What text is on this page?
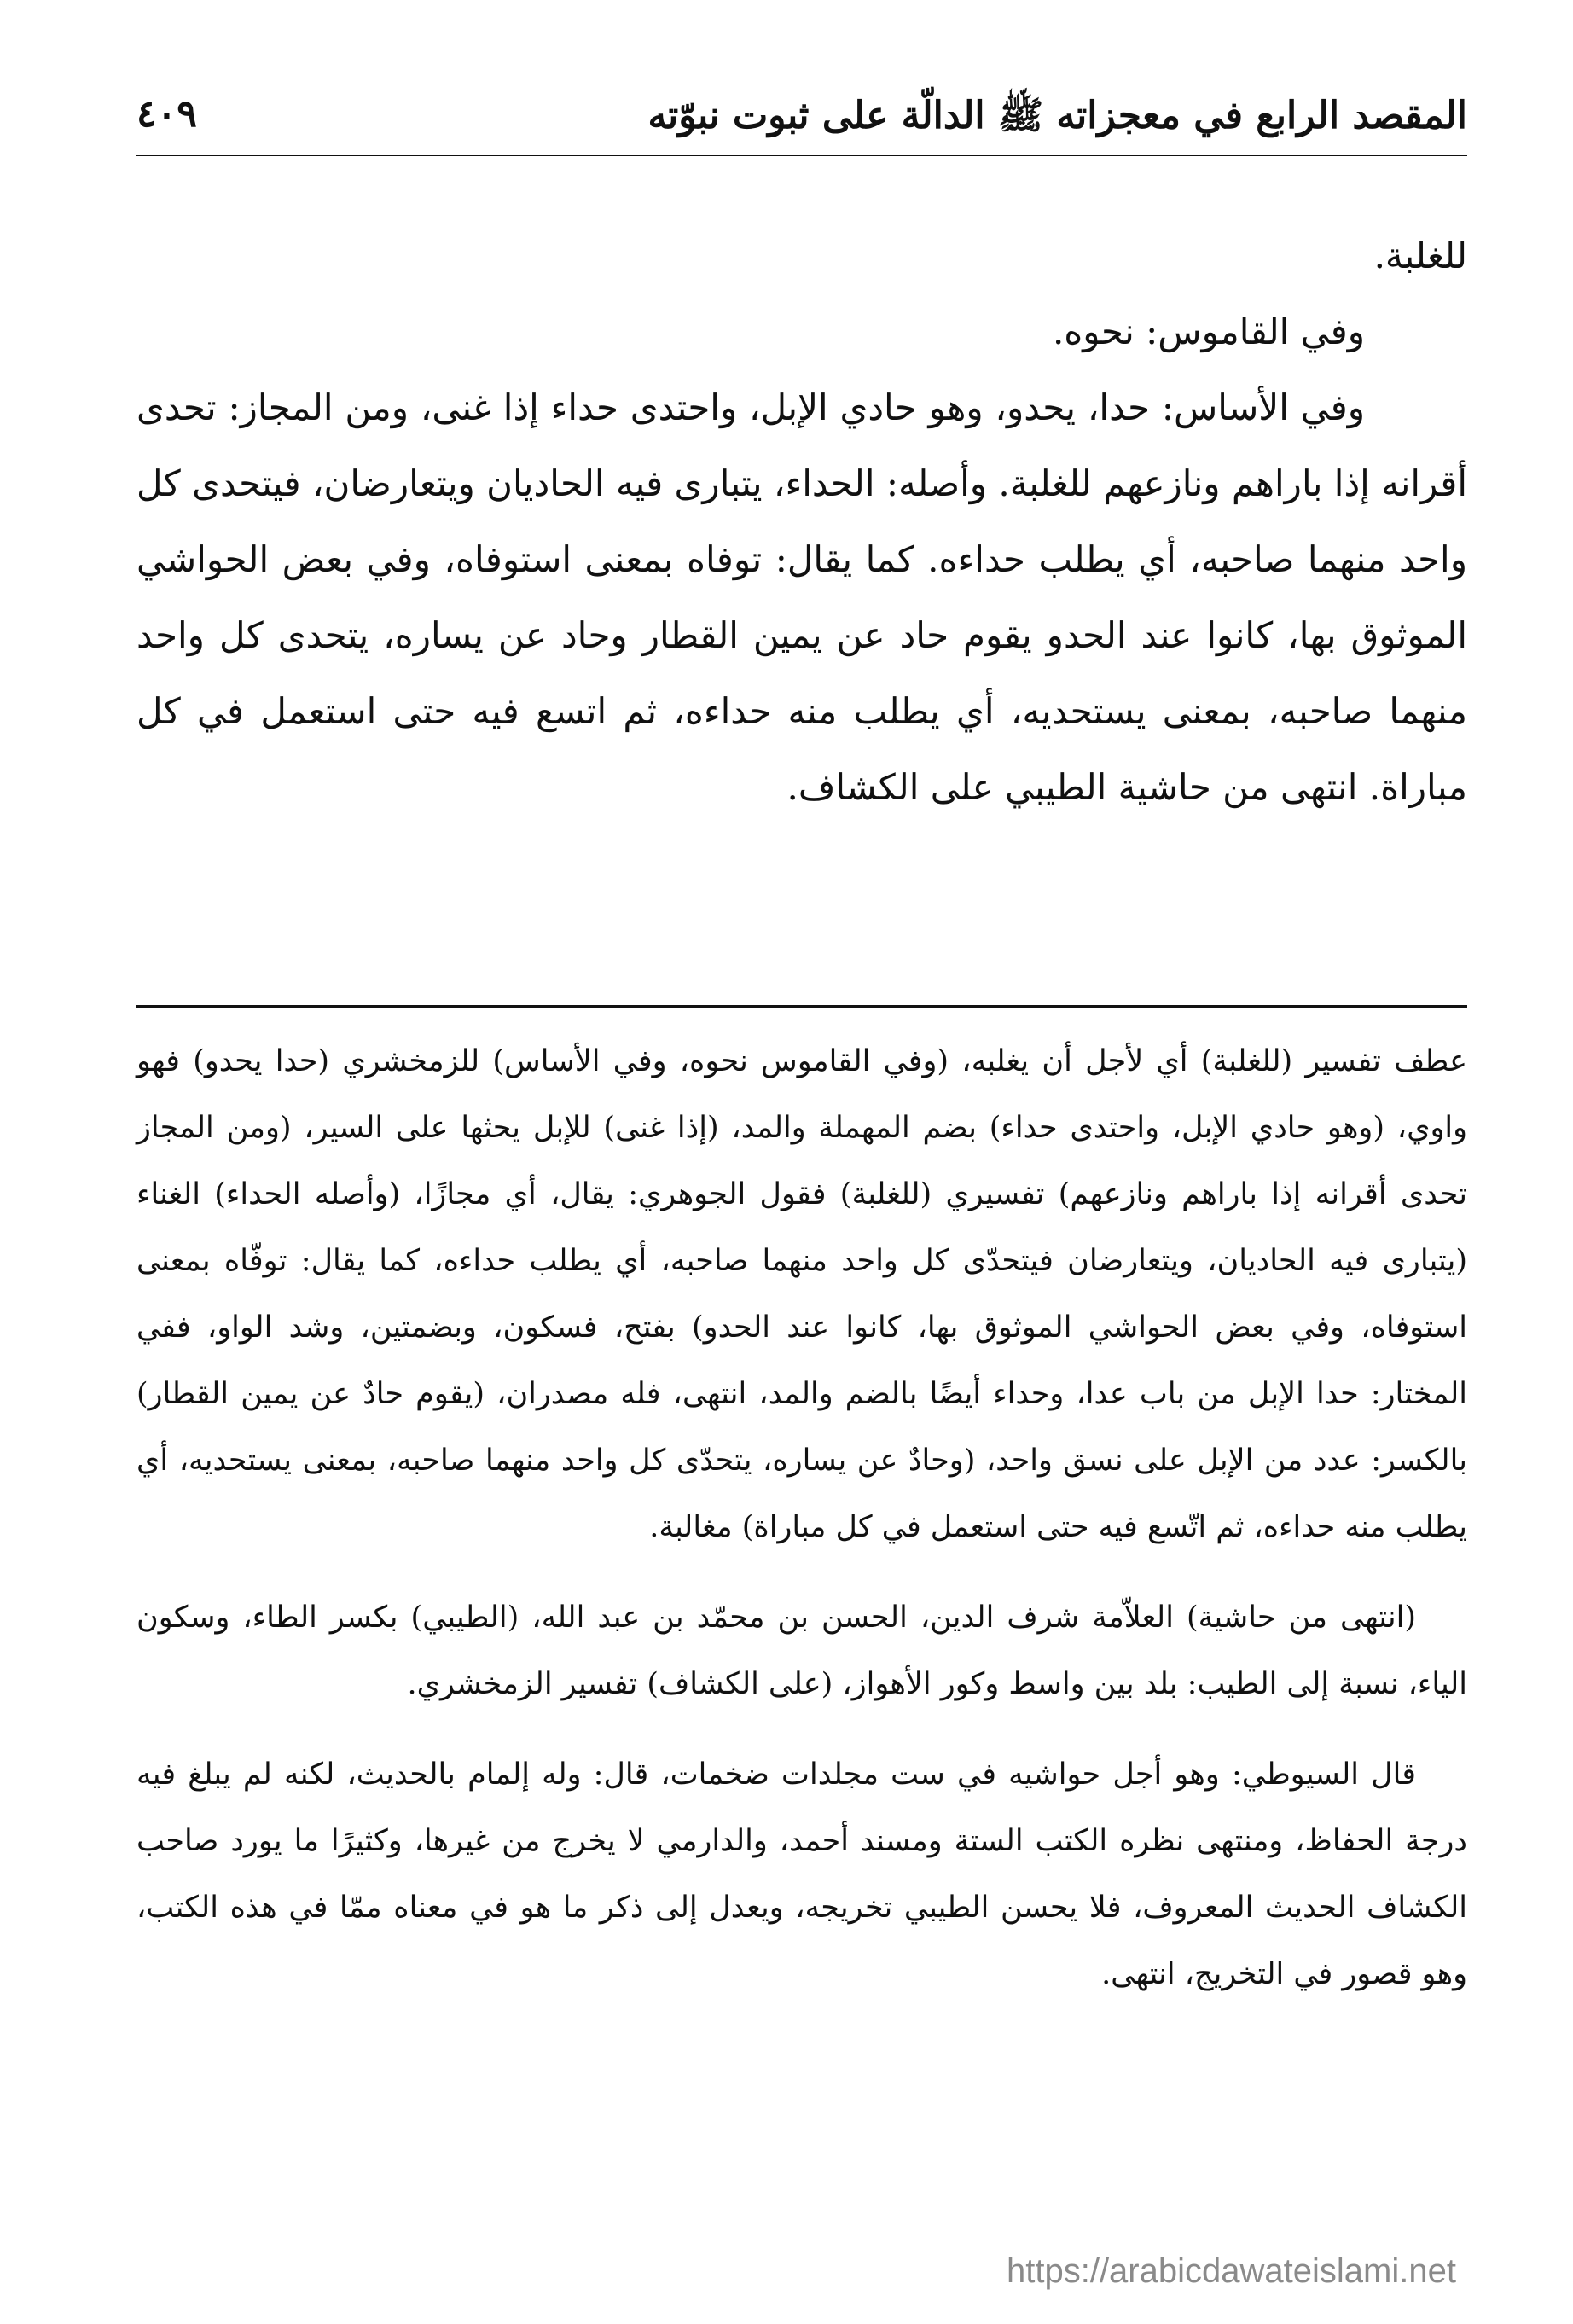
المقصد الرابع في معجزاته ﷺ الدالّة على ثبوت نبوّته
٤٠٩

للغلبة.

وفي القاموس: نحوه.

وفي الأساس: حدا، يحدو، وهو حادي الإبل، واحتدى حداء إذا غنى، ومن المجاز: تحدى أقرانه إذا باراهم ونازعهم للغلبة. وأصله: الحداء، يتبارى فيه الحاديان ويتعارضان، فيتحدى كل واحد منهما صاحبه، أي يطلب حداءه. كما يقال: توفاه بمعنى استوفاه، وفي بعض الحواشي الموثوق بها، كانوا عند الحدو يقوم حاد عن يمين القطار وحاد عن يساره، يتحدى كل واحد منهما صاحبه، بمعنى يستحديه، أي يطلب منه حداءه، ثم اتسع فيه حتى استعمل في كل مباراة. انتهى من حاشية الطيبي على الكشاف.

عطف تفسير (للغلبة) أي لأجل أن يغلبه، (وفي القاموس نحوه، وفي الأساس) للزمخشري (حدا يحدو) فهو واوي، (وهو حادي الإبل، واحتدى حداء) بضم المهملة والمد، (إذا غنى) للإبل يحثها على السير، (ومن المجاز تحدى أقرانه إذا باراهم ونازعهم) تفسيري (للغلبة) فقول الجوهري: يقال، أي مجازًا، (وأصله الحداء) الغناء (يتبارى فيه الحاديان، ويتعارضان فيتحدّى كل واحد منهما صاحبه، أي يطلب حداءه، كما يقال: توفّاه بمعنى استوفاه، وفي بعض الحواشي الموثوق بها، كانوا عند الحدو) بفتح، فسكون، وبضمتين، وشد الواو، ففي المختار: حدا الإبل من باب عدا، وحداء أيضًا بالضم والمد، انتهى، فله مصدران، (يقوم حادٌ عن يمين القطار) بالكسر: عدد من الإبل على نسق واحد، (وحادٌ عن يساره، يتحدّى كل واحد منهما صاحبه، بمعنى يستحديه، أي يطلب منه حداءه، ثم اتّسع فيه حتى استعمل في كل مباراة) مغالبة.

(انتهى من حاشية) العلاّمة شرف الدين، الحسن بن محمّد بن عبد الله، (الطيبي) بكسر الطاء، وسكون الياء، نسبة إلى الطيب: بلد بين واسط وكور الأهواز، (على الكشاف) تفسير الزمخشري.

قال السيوطي: وهو أجل حواشيه في ست مجلدات ضخمات، قال: وله إلمام بالحديث، لكنه لم يبلغ فيه درجة الحفاظ، ومنتهى نظره الكتب الستة ومسند أحمد، والدارمي لا يخرج من غيرها، وكثيرًا ما يورد صاحب الكشاف الحديث المعروف، فلا يحسن الطيبي تخريجه، ويعدل إلى ذكر ما هو في معناه ممّا في هذه الكتب، وهو قصور في التخريج، انتهى.

https://arabicdawateislami.net
